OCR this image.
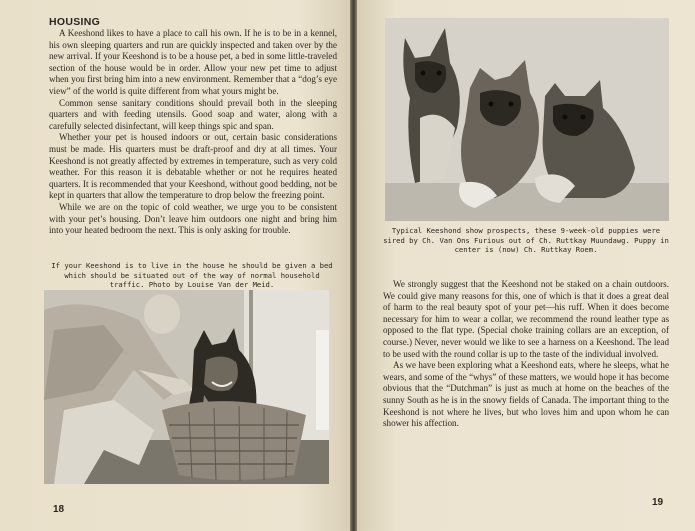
HOUSING

A Keeshond likes to have a place to call his own. If he is to be in a kennel, his own sleeping quarters and run are quickly inspected and taken over by the new arrival. If your Keeshond is to be a house pet, a bed in some little-traveled section of the house would be in order. Allow your new pet time to adjust when you first bring him into a new environment. Remember that a “dog’s eye view” of the world is quite different from what yours might be.

Common sense sanitary conditions should prevail both in the sleeping quarters and with feeding utensils. Good soap and water, along with a carefully selected disinfectant, will keep things spic and span.

Whether your pet is housed indoors or out, certain basic considerations must be made. His quarters must be draft-proof and dry at all times. Your Keeshond is not greatly affected by extremes in temperature, such as very cold weather. For this reason it is debatable whether or not he requires heated quarters. It is recommended that your Keeshond, without good bedding, not be kept in quarters that allow the temperature to drop below the freezing point.

While we are on the topic of cold weather, we urge you to be consistent with your pet’s housing. Don’t leave him outdoors one night and bring him into your heated bedroom the next. This is only asking for trouble.

If your Keeshond is to live in the house he should be given a bed which should be situated out of the way of normal household traffic. Photo by Louise Van der Meid.
18
Typical Keeshond show prospects, these 9-week-old puppies were sired by Ch. Van Ons Furious out of Ch. Ruttkay Muundawg. Puppy in center is (now) Ch. Ruttkay Roem.

We strongly suggest that the Keeshond not be staked on a chain outdoors. We could give many reasons for this, one of which is that it does a great deal of harm to the real beauty spot of your pet—his ruff. When it does become necessary for him to wear a collar, we recommend the round leather type as opposed to the flat type. (Special choke training collars are an exception, of course.) Never, never would we like to see a harness on a Keeshond. The lead to be used with the round collar is up to the taste of the individual involved.

As we have been exploring what a Keeshond eats, where he sleeps, what he wears, and some of the “whys” of these matters, we would hope it has become obvious that the “Dutchman” is just as much at home on the beaches of the sunny South as he is in the snowy fields of Canada. The important thing to the Keeshond is not where he lives, but who loves him and upon whom he can shower his affection.

19
